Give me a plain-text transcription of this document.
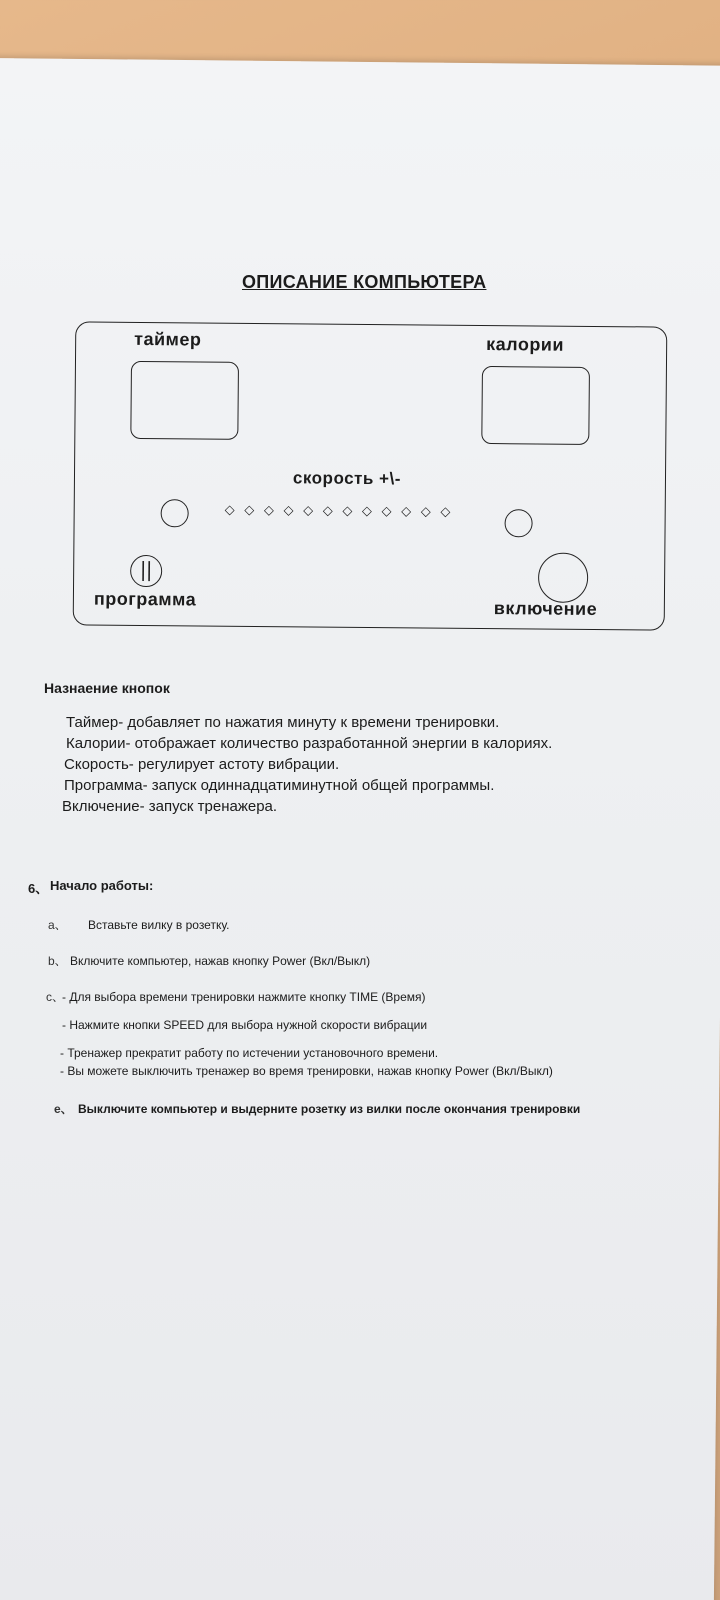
ОПИСАНИЕ КОМПЬЮТЕРА
таймер	калории
скорость +\-
◇ ◇ ◇ ◇ ◇ ◇ ◇ ◇ ◇ ◇ ◇ ◇
программа	включение
Назнаение кнопок
Таймер- добавляет по нажатия минуту к времени тренировки.
Калории- отображает количество разработанной энергии в калориях.
Скорость- регулирует астоту вибрации.
Программа- запуск одиннадцатиминутной общей программы.
Включение- запуск тренажера.
6、 Начало работы:
a、 Вставьте вилку в розетку.
b、 Включите компьютер, нажав кнопку Power (Вкл/Выкл)
c、
- Для выбора времени тренировки нажмите кнопку TIME (Время)
- Нажмите кнопки SPEED для выбора нужной скорости вибрации
- Тренажер прекратит работу по истечении установочного времени.
- Вы можете выключить тренажер во время тренировки, нажав кнопку Power (Вкл/Выкл)
e、 Выключите компьютер и выдерните розетку из вилки после окончания тренировки
